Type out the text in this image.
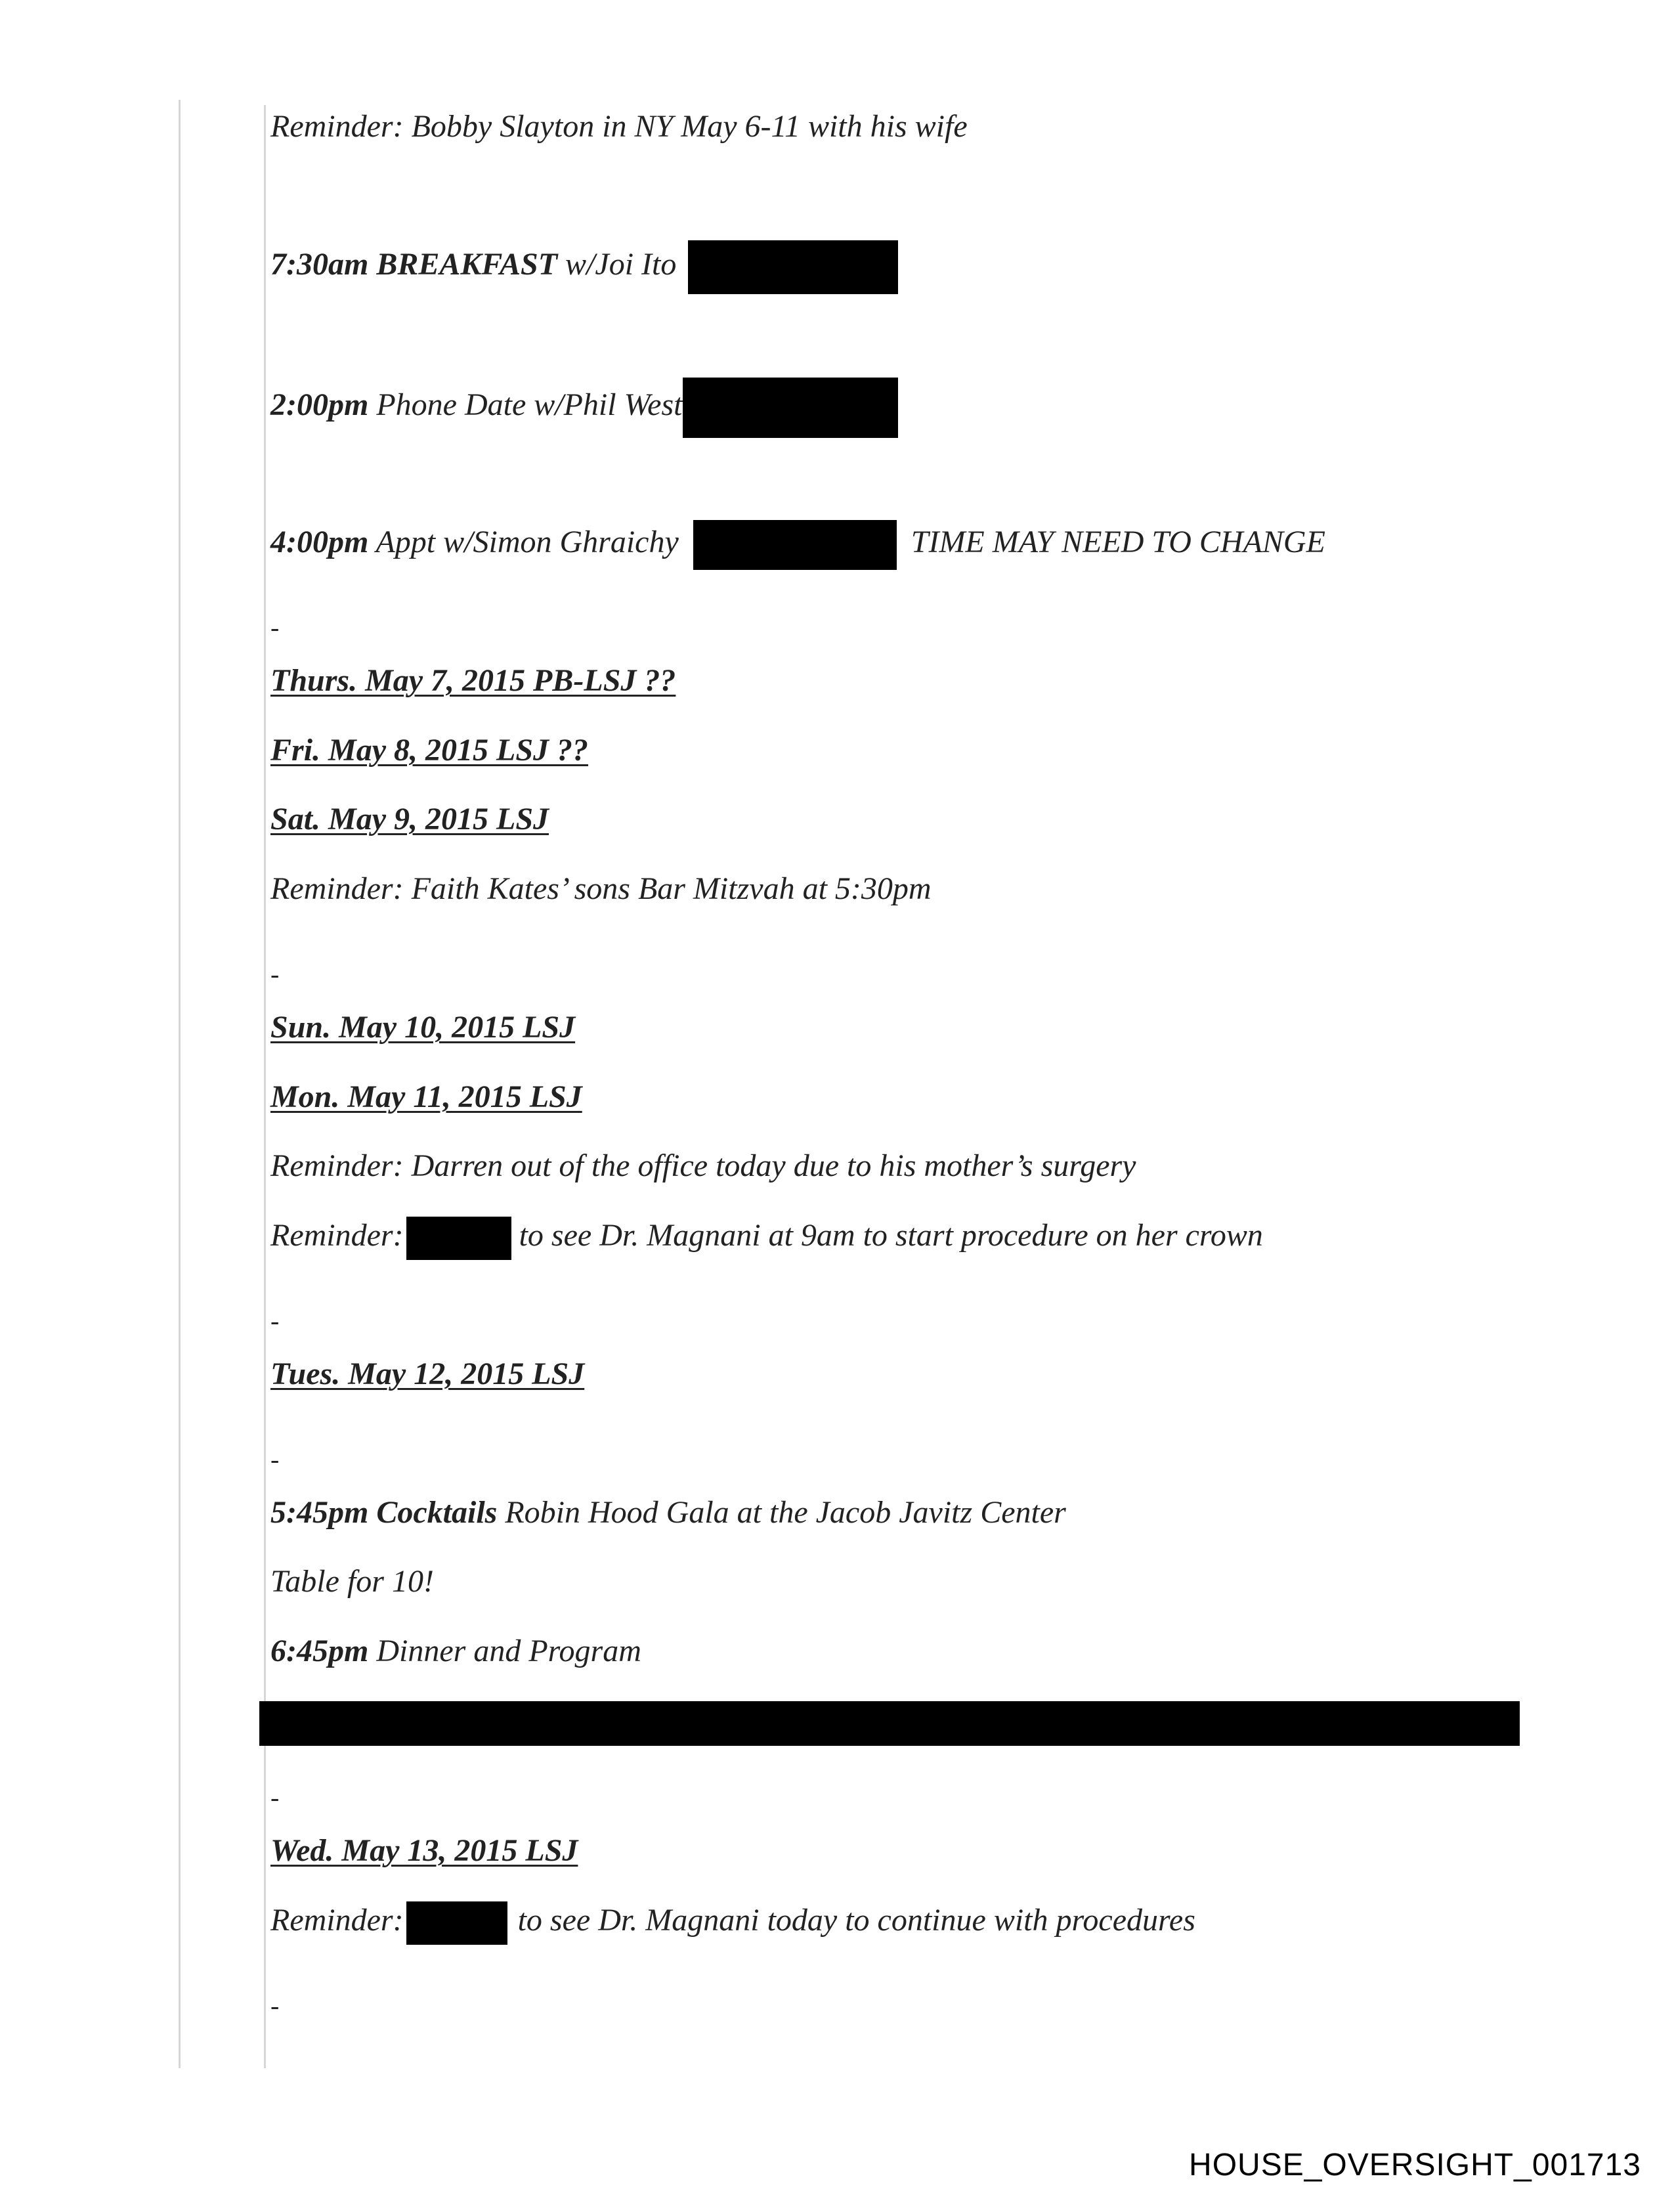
Reminder: Bobby Slayton in NY May 6-11 with his wife
7:30am BREAKFAST w/Joi Ito
2:00pm Phone Date w/Phil West
4:00pm Appt w/Simon Ghraichy	TIME MAY NEED TO CHANGE
-
Thurs. May 7, 2015 PB-LSJ ??
Fri. May 8, 2015 LSJ ??
Sat. May 9, 2015 LSJ
Reminder: Faith Kates’ sons Bar Mitzvah at 5:30pm
-
Sun. May 10, 2015 LSJ
Mon. May 11, 2015 LSJ
Reminder: Darren out of the office today due to his mother’s surgery
Reminder:	to see Dr. Magnani at 9am to start procedure on her crown
-
Tues. May 12, 2015 LSJ
-
5:45pm Cocktails Robin Hood Gala at the Jacob Javitz Center
Table for 10!
6:45pm Dinner and Program
-
Wed. May 13, 2015 LSJ
Reminder:	to see Dr. Magnani today to continue with procedures
-
HOUSE_OVERSIGHT_001713
